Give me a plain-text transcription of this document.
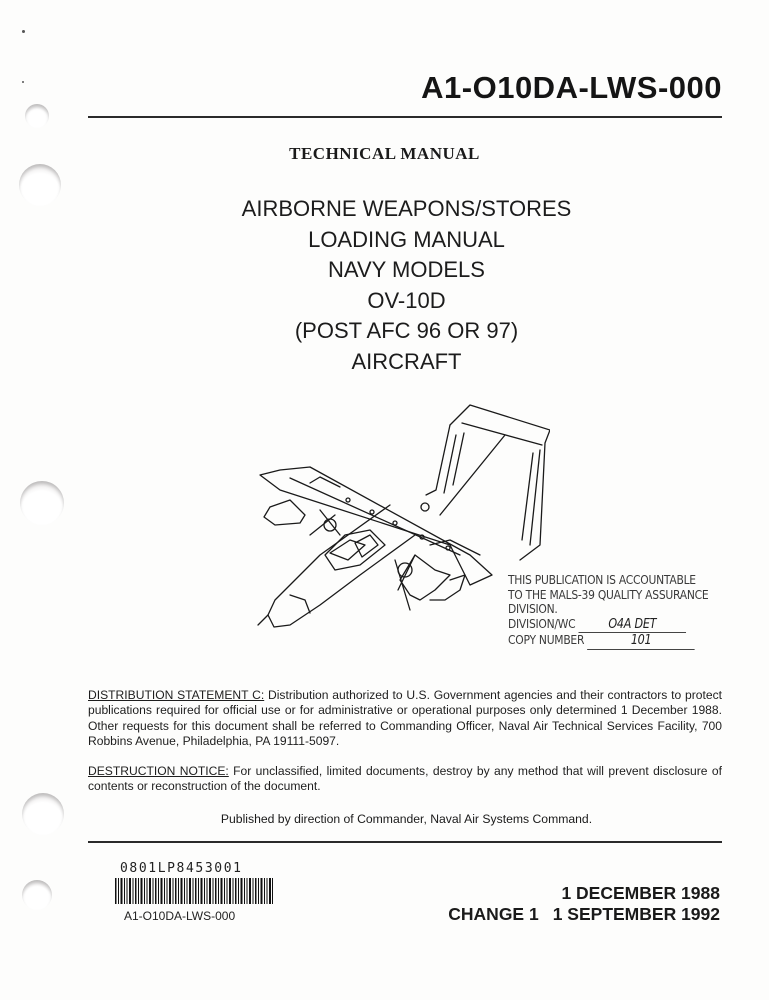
A1-O10DA-LWS-000
TECHNICAL MANUAL
AIRBORNE WEAPONS/STORES
LOADING MANUAL
NAVY MODELS
OV-10D
(POST AFC 96 OR 97)
AIRCRAFT
THIS PUBLICATION IS ACCOUNTABLE
TO THE MALS-39 QUALITY ASSURANCE
DIVISION.
DIVISION/WC	O4A DET
COPY NUMBER	101
DISTRIBUTION STATEMENT C: Distribution authorized to U.S. Government agencies and their contractors to protect publications required for official use or for administrative or operational purposes only determined 1 December 1988. Other requests for this document shall be referred to Commanding Officer, Naval Air Technical Services Facility, 700 Robbins Avenue, Philadelphia, PA 19111-5097.
DESTRUCTION NOTICE: For unclassified, limited documents, destroy by any method that will prevent disclosure of contents or reconstruction of the document.
Published by direction of Commander, Naval Air Systems Command.
0801LP8453001
A1-O10DA-LWS-000
1 DECEMBER 1988
CHANGE 1 1 SEPTEMBER 1992
